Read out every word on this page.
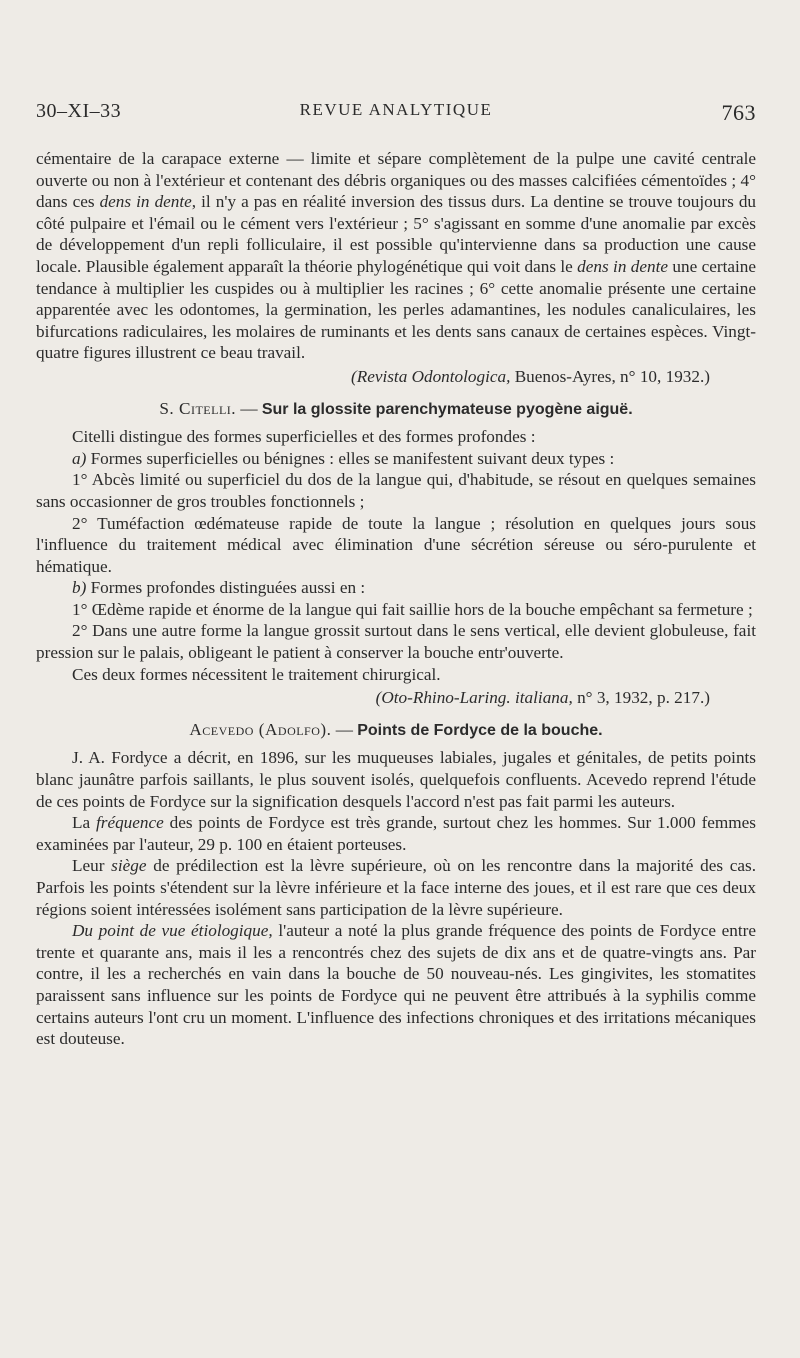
30–XI–33	REVUE ANALYTIQUE	763

cémentaire de la carapace externe — limite et sépare complètement de la pulpe une cavité centrale ouverte ou non à l'extérieur et contenant des débris organiques ou des masses calcifiées cémentoïdes ; 4° dans ces dens in dente, il n'y a pas en réalité inversion des tissus durs. La dentine se trouve toujours du côté pulpaire et l'émail ou le cément vers l'extérieur ; 5° s'agissant en somme d'une anomalie par excès de développement d'un repli folliculaire, il est possible qu'intervienne dans sa production une cause locale. Plausible également apparaît la théorie phylogénétique qui voit dans le dens in dente une certaine tendance à multiplier les cuspides ou à multiplier les racines ; 6° cette anomalie présente une certaine apparentée avec les odontomes, la germination, les perles adamantines, les nodules canaliculaires, les bifurcations radiculaires, les molaires de ruminants et les dents sans canaux de certaines espèces. Vingt-quatre figures illustrent ce beau travail.

(Revista Odontologica, Buenos-Ayres, n° 10, 1932.)

S. Citelli. — Sur la glossite parenchymateuse pyogène aiguë.

Citelli distingue des formes superficielles et des formes profondes :

a) Formes superficielles ou bénignes : elles se manifestent suivant deux types :

1° Abcès limité ou superficiel du dos de la langue qui, d'habitude, se résout en quelques semaines sans occasionner de gros troubles fonctionnels ;

2° Tuméfaction œdémateuse rapide de toute la langue ; résolution en quelques jours sous l'influence du traitement médical avec élimination d'une sécrétion séreuse ou séro-purulente et hématique.

b) Formes profondes distinguées aussi en :

1° Œdème rapide et énorme de la langue qui fait saillie hors de la bouche empêchant sa fermeture ;

2° Dans une autre forme la langue grossit surtout dans le sens vertical, elle devient globuleuse, fait pression sur le palais, obligeant le patient à conserver la bouche entr'ouverte.

Ces deux formes nécessitent le traitement chirurgical.

(Oto-Rhino-Laring. italiana, n° 3, 1932, p. 217.)

Acevedo (Adolfo). — Points de Fordyce de la bouche.

J. A. Fordyce a décrit, en 1896, sur les muqueuses labiales, jugales et génitales, de petits points blanc jaunâtre parfois saillants, le plus souvent isolés, quelquefois confluents. Acevedo reprend l'étude de ces points de Fordyce sur la signification desquels l'accord n'est pas fait parmi les auteurs.

La fréquence des points de Fordyce est très grande, surtout chez les hommes. Sur 1.000 femmes examinées par l'auteur, 29 p. 100 en étaient porteuses.

Leur siège de prédilection est la lèvre supérieure, où on les rencontre dans la majorité des cas. Parfois les points s'étendent sur la lèvre inférieure et la face interne des joues, et il est rare que ces deux régions soient intéressées isolément sans participation de la lèvre supérieure.

Du point de vue étiologique, l'auteur a noté la plus grande fréquence des points de Fordyce entre trente et quarante ans, mais il les a rencontrés chez des sujets de dix ans et de quatre-vingts ans. Par contre, il les a recherchés en vain dans la bouche de 50 nouveau-nés. Les gingivites, les stomatites paraissent sans influence sur les points de Fordyce qui ne peuvent être attribués à la syphilis comme certains auteurs l'ont cru un moment. L'influence des infections chroniques et des irritations mécaniques est douteuse.
